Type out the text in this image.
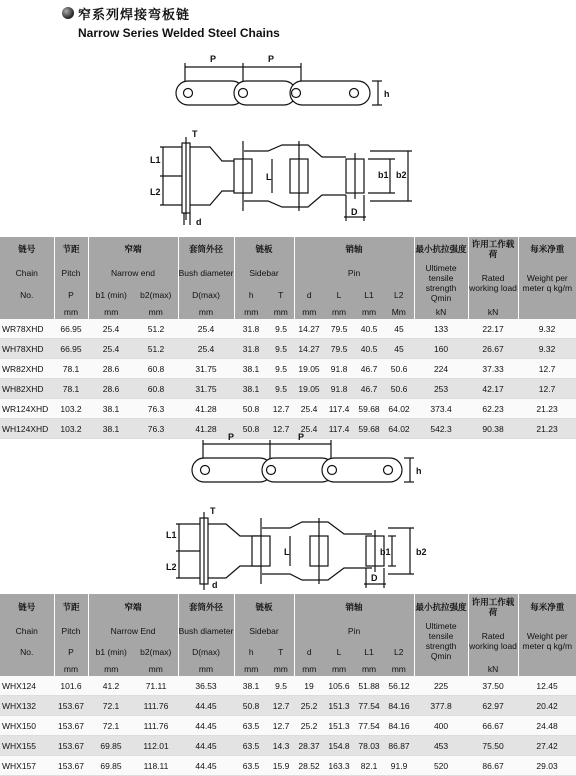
窄系列焊接弯板链
Narrow Series Welded Steel Chains
P	P
h
L1
L2
T
d
L	b1 b2
D
链号	节距	窄端		套筒外径	链板		销轴				最小抗拉强度	许用工作载荷	每米净重
Chain	Pitch	Narrow end		Bush diameter	Sidebar		Pin				Ultimete tensile strength Qmin	Rated working load	Weight per meter q kg/m
No.	P	b1 (min)	b2(max)	D(max)	h	T	d	L	L1	L2			
	mm	mm	mm	mm	mm	mm	mm	mm	mm	Mm	kN	kN	
WR78XHD	66.95	25.4	51.2	25.4	31.8	9.5	14.27	79.5	40.5	45	133	22.17	9.32
WH78XHD	66.95	25.4	51.2	25.4	31.8	9.5	14.27	79.5	40.5	45	160	26.67	9.32
WR82XHD	78.1	28.6	60.8	31.75	38.1	9.5	19.05	91.8	46.7	50.6	224	37.33	12.7
WH82XHD	78.1	28.6	60.8	31.75	38.1	9.5	19.05	91.8	46.7	50.6	253	42.17	12.7
WR124XHD	103.2	38.1	76.3	41.28	50.8	12.7	25.4	117.4	59.68	64.02	373.4	62.23	21.23
WH124XHD	103.2	38.1	76.3	41.28	50.8	12.7	25.4	117.4	59.68	64.02	542.3	90.38	21.23
P	P
h
L1
L2
T
d
L	b1	b2
D
链号	节距	窄端		套筒外径	链板		销轴				最小抗拉强度	许用工作载荷	每米净重
Chain	Pitch	Narrow End		Bush diameter	Sidebar		Pin				Ultimete tensile strength Qmin	Rated working load	Weight per meter q kg/m
No.	P	b1 (min)	b2(max)	D(max)	h	T	d	L	L1	L2			
	mm	mm	mm	mm	mm	mm	mm	mm	mm	mm		kN	
WHX124	101.6	41.2	71.11	36.53	38.1	9.5	19	105.6	51.88	56.12	225	37.50	12.45
WHX132	153.67	72.1	111.76	44.45	50.8	12.7	25.2	151.3	77.54	84.16	377.8	62.97	20.42
WHX150	153.67	72.1	111.76	44.45	63.5	12.7	25.2	151.3	77.54	84.16	400	66.67	24.48
WHX155	153.67	69.85	112.01	44.45	63.5	14.3	28.37	154.8	78.03	86.87	453	75.50	27.42
WHX157	153.67	69.85	118.11	44.45	63.5	15.9	28.52	163.3	82.1	91.9	520	86.67	29.03
